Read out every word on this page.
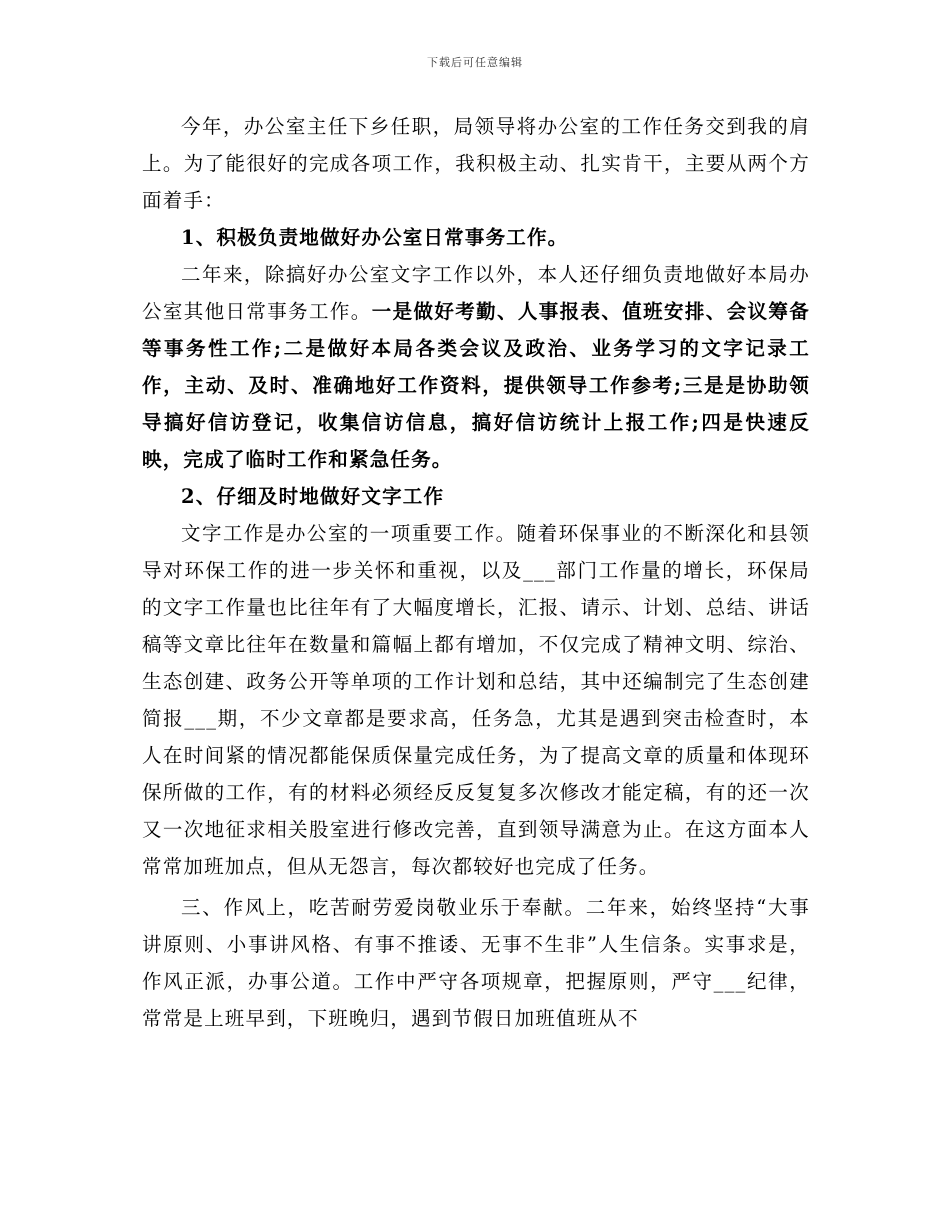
下载后可任意编辑

今年，办公室主任下乡任职，局领导将办公室的工作任务交到我的肩上。为了能很好的完成各项工作，我积极主动、扎实肯干，主要从两个方面着手：

1、积极负责地做好办公室日常事务工作。

二年来，除搞好办公室文字工作以外，本人还仔细负责地做好本局办公室其他日常事务工作。一是做好考勤、人事报表、值班安排、会议筹备等事务性工作;二是做好本局各类会议及政治、业务学习的文字记录工作，主动、及时、准确地好工作资料，提供领导工作参考;三是是协助领导搞好信访登记，收集信访信息，搞好信访统计上报工作;四是快速反映，完成了临时工作和紧急任务。

2、仔细及时地做好文字工作

文字工作是办公室的一项重要工作。随着环保事业的不断深化和县领导对环保工作的进一步关怀和重视，以及___部门工作量的增长，环保局的文字工作量也比往年有了大幅度增长，汇报、请示、计划、总结、讲话稿等文章比往年在数量和篇幅上都有增加，不仅完成了精神文明、综治、生态创建、政务公开等单项的工作计划和总结，其中还编制完了生态创建简报___期，不少文章都是要求高，任务急，尤其是遇到突击检查时，本人在时间紧的情况都能保质保量完成任务，为了提高文章的质量和体现环保所做的工作，有的材料必须经反反复复多次修改才能定稿，有的还一次又一次地征求相关股室进行修改完善，直到领导满意为止。在这方面本人常常加班加点，但从无怨言，每次都较好也完成了任务。

三、作风上，吃苦耐劳爱岗敬业乐于奉献。二年来，始终坚持“大事讲原则、小事讲风格、有事不推诿、无事不生非”人生信条。实事求是，作风正派，办事公道。工作中严守各项规章，把握原则，严守___纪律，常常是上班早到，下班晚归，遇到节假日加班值班从不
